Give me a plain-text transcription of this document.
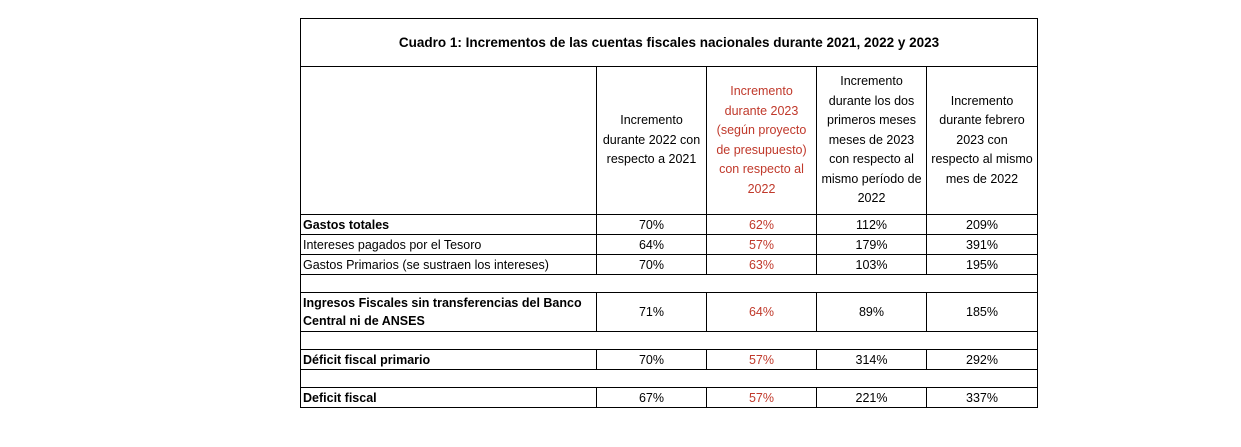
Cuadro 1: Incrementos de las cuentas fiscales nacionales durante 2021, 2022 y 2023				

	Incremento durante 2022 con respecto a 2021	Incremento durante 2023 (según proyecto de presupuesto) con respecto al 2022	Incremento durante los dos primeros meses meses de 2023 con respecto al mismo período de 2022	Incremento durante febrero 2023 con respecto al mismo mes de 2022

Gastos totales	70%	62%	112%	209%
Intereses pagados por el Tesoro	64%	57%	179%	391%
Gastos Primarios (se sustraen los intereses)	70%	63%	103%	195%

Ingresos Fiscales sin transferencias del Banco Central ni de ANSES	71%	64%	89%	185%

Déficit fiscal primario	70%	57%	314%	292%

Deficit fiscal	67%	57%	221%	337%
